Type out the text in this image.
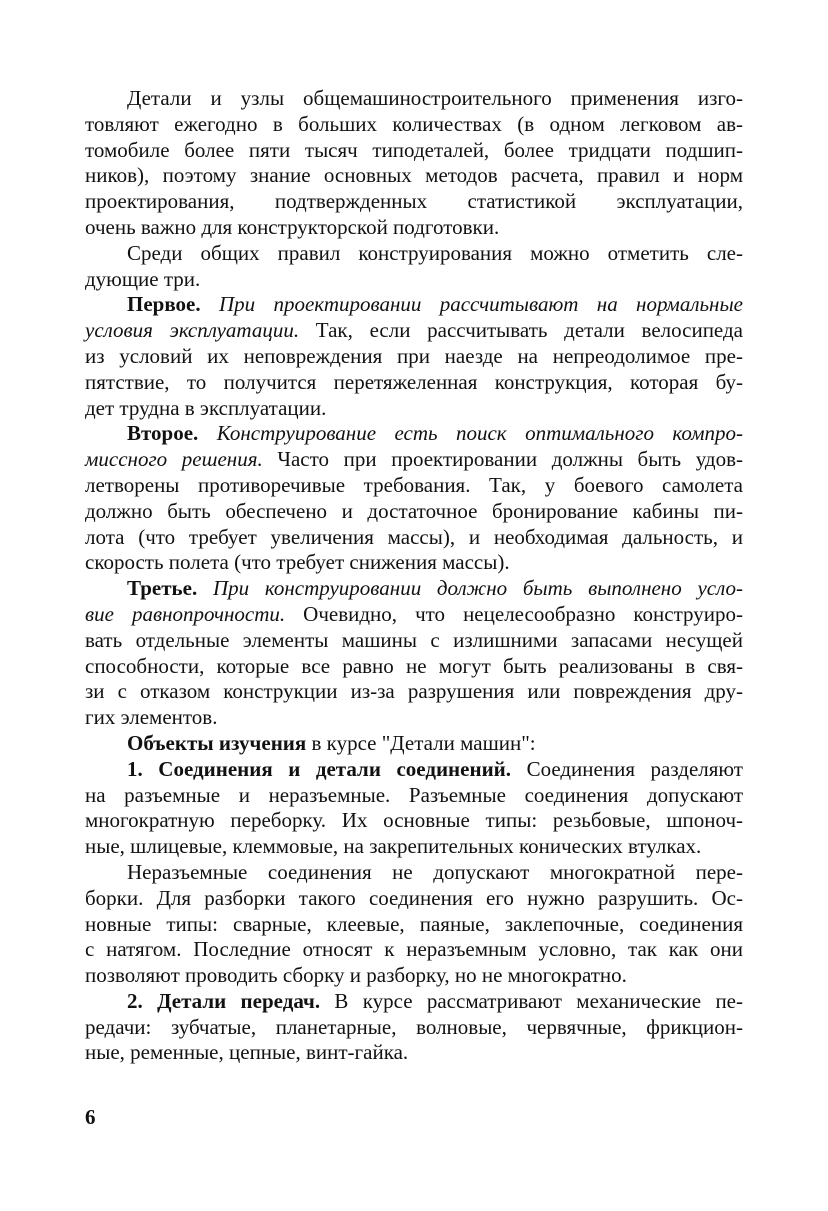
Детали и узлы общемашиностроительного применения изго-
товляют ежегодно в больших количествах (в одном легковом ав-
томобиле более пяти тысяч типодеталей, более тридцати подшип-
ников), поэтому знание основных методов расчета, правил и норм
проектирования, подтвержденных статистикой эксплуатации,
очень важно для конструкторской подготовки.
Среди общих правил конструирования можно отметить сле-
дующие три.
Первое. При проектировании рассчитывают на нормальные
условия эксплуатации. Так, если рассчитывать детали велосипеда
из условий их неповреждения при наезде на непреодолимое пре-
пятствие, то получится перетяжеленная конструкция, которая бу-
дет трудна в эксплуатации.
Второе. Конструирование есть поиск оптимального компро-
миссного решения. Часто при проектировании должны быть удов-
летворены противоречивые требования. Так, у боевого самолета
должно быть обеспечено и достаточное бронирование кабины пи-
лота (что требует увеличения массы), и необходимая дальность, и
скорость полета (что требует снижения массы).
Третье. При конструировании должно быть выполнено усло-
вие равнопрочности. Очевидно, что нецелесообразно конструиро-
вать отдельные элементы машины с излишними запасами несущей
способности, которые все равно не могут быть реализованы в свя-
зи с отказом конструкции из-за разрушения или повреждения дру-
гих элементов.
Объекты изучения в курсе "Детали машин":
1. Соединения и детали соединений. Соединения разделяют
на разъемные и неразъемные. Разъемные соединения допускают
многократную переборку. Их основные типы: резьбовые, шпоноч-
ные, шлицевые, клеммовые, на закрепительных конических втулках.
Неразъемные соединения не допускают многократной пере-
борки. Для разборки такого соединения его нужно разрушить. Ос-
новные типы: сварные, клеевые, паяные, заклепочные, соединения
с натягом. Последние относят к неразъемным условно, так как они
позволяют проводить сборку и разборку, но не многократно.
2. Детали передач. В курсе рассматривают механические пе-
редачи: зубчатые, планетарные, волновые, червячные, фрикцион-
ные, ременные, цепные, винт-гайка.
6
